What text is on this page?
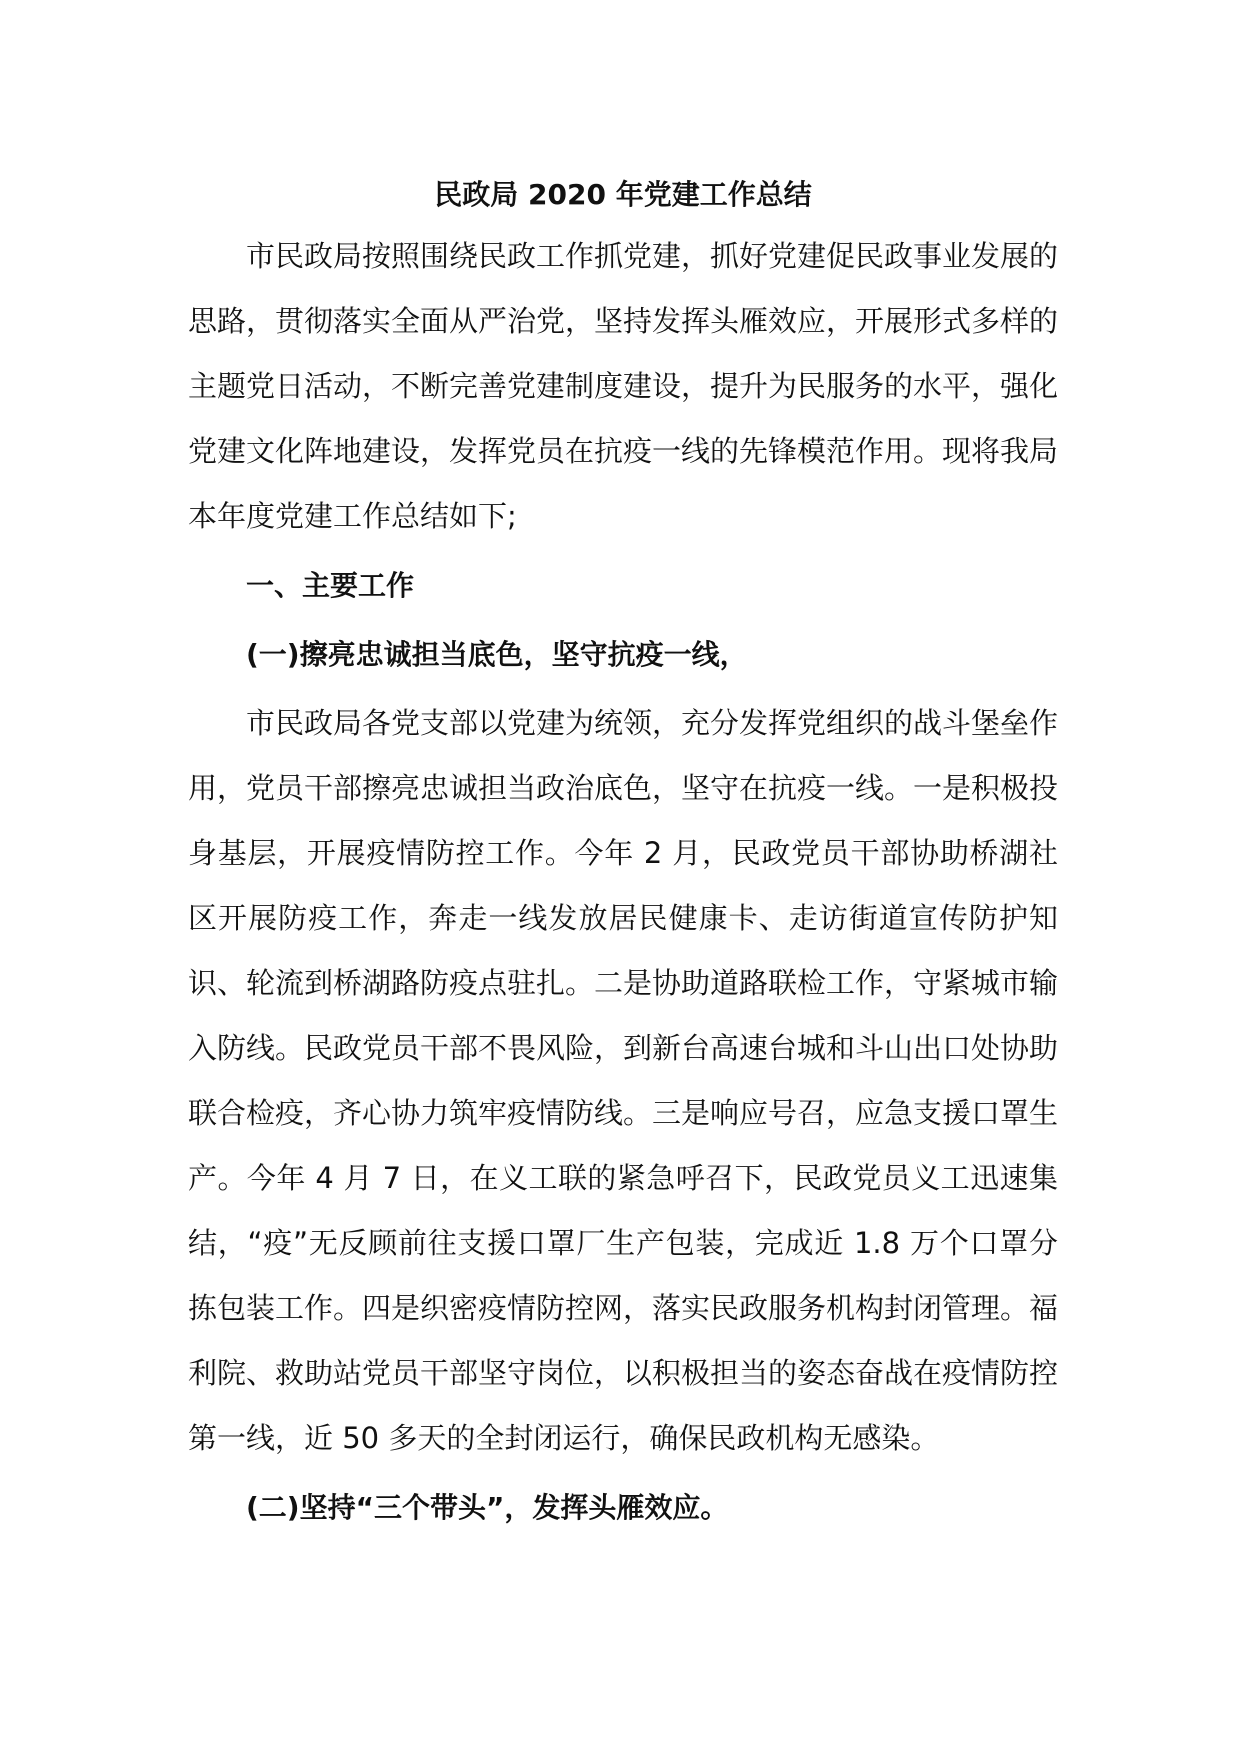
民政局 2020 年党建工作总结

市民政局按照围绕民政工作抓党建，抓好党建促民政事业发展的思路，贯彻落实全面从严治党，坚持发挥头雁效应，开展形式多样的主题党日活动，不断完善党建制度建设，提升为民服务的水平，强化党建文化阵地建设，发挥党员在抗疫一线的先锋模范作用。现将我局本年度党建工作总结如下;

一、主要工作
(一)擦亮忠诚担当底色，坚守抗疫一线，

市民政局各党支部以党建为统领，充分发挥党组织的战斗堡垒作用，党员干部擦亮忠诚担当政治底色，坚守在抗疫一线。一是积极投身基层，开展疫情防控工作。今年 2 月，民政党员干部协助桥湖社区开展防疫工作，奔走一线发放居民健康卡、走访街道宣传防护知识、轮流到桥湖路防疫点驻扎。二是协助道路联检工作，守紧城市输入防线。民政党员干部不畏风险，到新台高速台城和斗山出口处协助联合检疫，齐心协力筑牢疫情防线。三是响应号召，应急支援口罩生产。今年 4 月 7 日，在义工联的紧急呼召下，民政党员义工迅速集结，“疫”无反顾前往支援口罩厂生产包装，完成近 1.8 万个口罩分拣包装工作。四是织密疫情防控网，落实民政服务机构封闭管理。福利院、救助站党员干部坚守岗位，以积极担当的姿态奋战在疫情防控第一线，近 50 多天的全封闭运行，确保民政机构无感染。

(二)坚持“三个带头”，发挥头雁效应。
